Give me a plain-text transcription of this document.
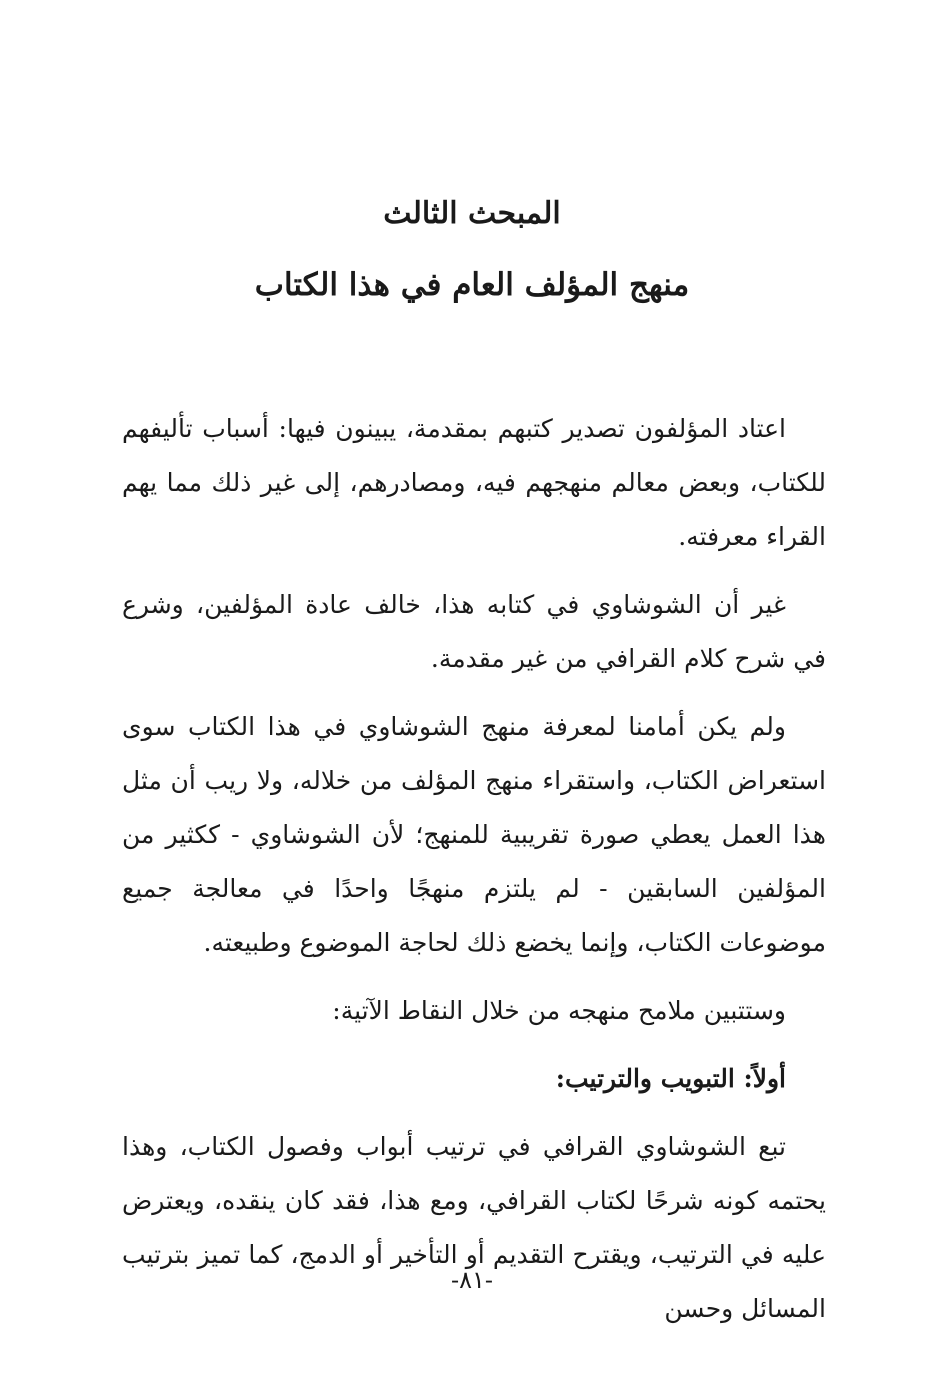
المبحث الثالث
منهج المؤلف العام في هذا الكتاب

اعتاد المؤلفون تصدير كتبهم بمقدمة، يبينون فيها: أسباب تأليفهم للكتاب، وبعض معالم منهجهم فيه، ومصادرهم، إلى غير ذلك مما يهم القراء معرفته.

غير أن الشوشاوي في كتابه هذا، خالف عادة المؤلفين، وشرع في شرح كلام القرافي من غير مقدمة.

ولم يكن أمامنا لمعرفة منهج الشوشاوي في هذا الكتاب سوى استعراض الكتاب، واستقراء منهج المؤلف من خلاله، ولا ريب أن مثل هذا العمل يعطي صورة تقريبية للمنهج؛ لأن الشوشاوي - ككثير من المؤلفين السابقين - لم يلتزم منهجًا واحدًا في معالجة جميع موضوعات الكتاب، وإنما يخضع ذلك لحاجة الموضوع وطبيعته.

وستتبين ملامح منهجه من خلال النقاط الآتية:

أولاً: التبويب والترتيب:

تبع الشوشاوي القرافي في ترتيب أبواب وفصول الكتاب، وهذا يحتمه كونه شرحًا لكتاب القرافي، ومع هذا، فقد كان ينقده، ويعترض عليه في الترتيب، ويقترح التقديم أو التأخير أو الدمج، كما تميز بترتيب المسائل وحسن

-٨١-
